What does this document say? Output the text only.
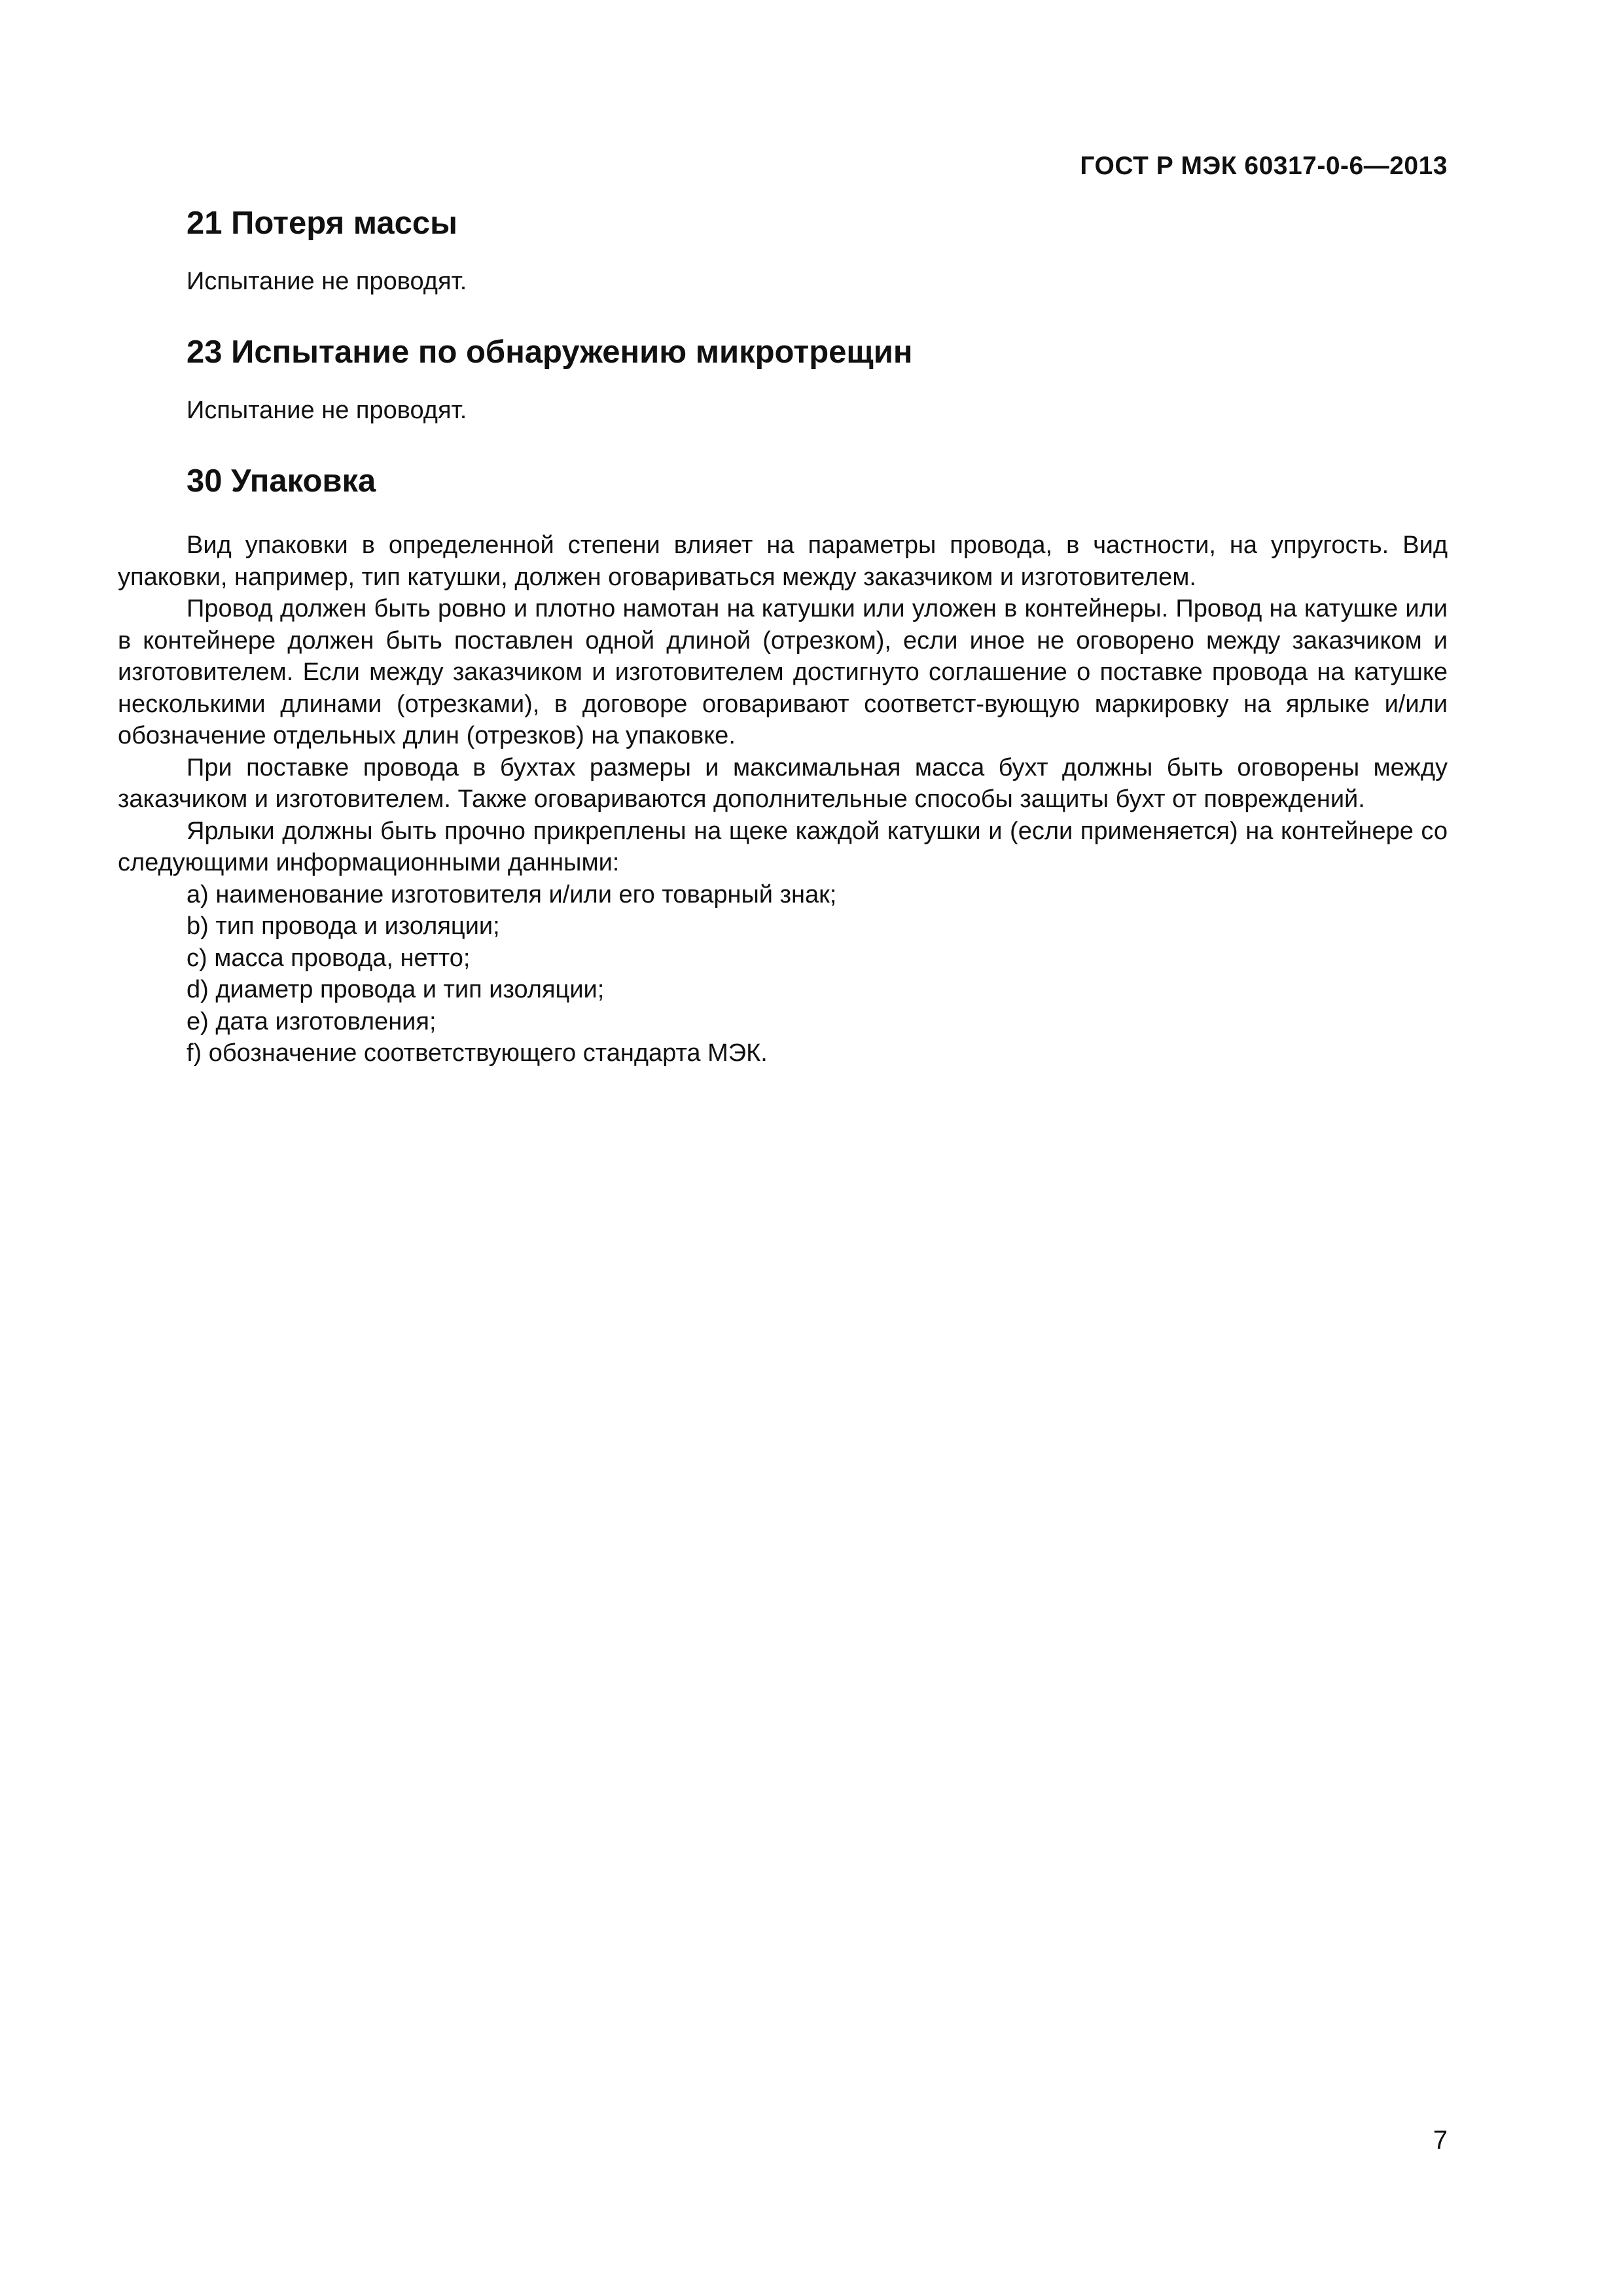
ГОСТ Р МЭК 60317-0-6—2013
21 Потеря массы
Испытание не проводят.
23 Испытание по обнаружению микротрещин
Испытание не проводят.
30 Упаковка

Вид упаковки в определенной степени влияет на параметры провода, в частности, на упругость. Вид упаковки, например, тип катушки, должен оговариваться между заказчиком и изготовителем.

Провод должен быть ровно и плотно намотан на катушки или уложен в контейнеры. Провод на катушке или в контейнере должен быть поставлен одной длиной (отрезком), если иное не оговорено между заказчиком и изготовителем. Если между заказчиком и изготовителем достигнуто соглашение о поставке провода на катушке несколькими длинами (отрезками), в договоре оговаривают соответст-вующую маркировку на ярлыке и/или обозначение отдельных длин (отрезков) на упаковке.

При поставке провода в бухтах размеры и максимальная масса бухт должны быть оговорены между заказчиком и изготовителем. Также оговариваются дополнительные способы защиты бухт от повреждений.

Ярлыки должны быть прочно прикреплены на щеке каждой катушки и (если применяется) на контейнере со следующими информационными данными:

a) наименование изготовителя и/или его товарный знак;
b) тип провода и изоляции;
c) масса провода, нетто;
d) диаметр провода и тип изоляции;
e) дата изготовления;
f) обозначение соответствующего стандарта МЭК.
7
